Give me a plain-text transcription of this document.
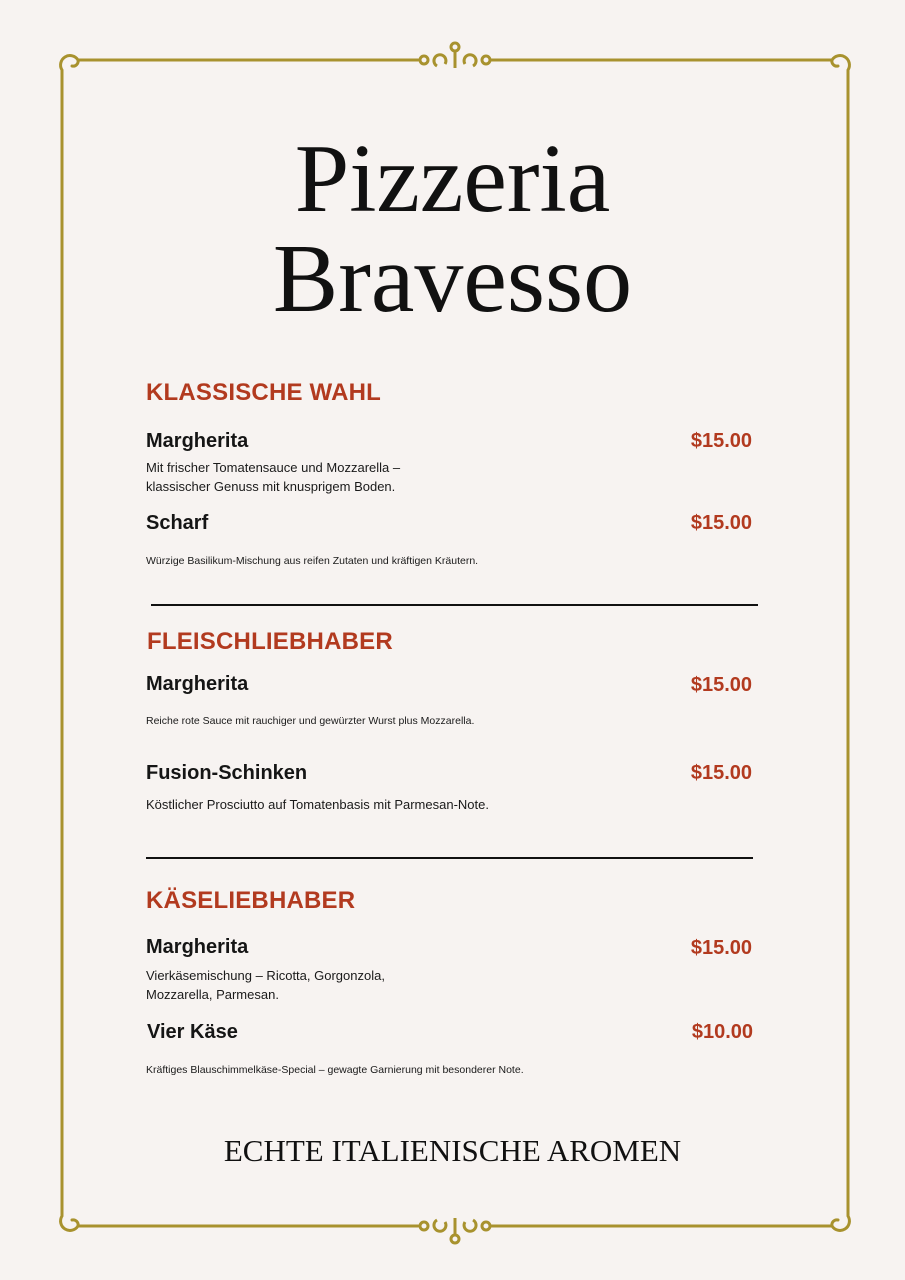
Pizzeria
Bravesso
KLASSISCHE WAHL
Margherita	$15.00
Mit frischer Tomatensauce und Mozzarella –
klassischer Genuss mit knusprigem Boden.
Scharf	$15.00
Würzige Basilikum-Mischung aus reifen Zutaten und kräftigen Kräutern.
FLEISCHLIEBHABER
Margherita	$15.00
Reiche rote Sauce mit rauchiger und gewürzter Wurst plus Mozzarella.
Fusion-Schinken	$15.00
Köstlicher Prosciutto auf Tomatenbasis mit Parmesan-Note.
KÄSELIEBHABER
Margherita	$15.00
Vierkäsemischung – Ricotta, Gorgonzola,
Mozzarella, Parmesan.
Vier Käse	$10.00
Kräftiges Blauschimmelkäse-Special – gewagte Garnierung mit besonderer Note.
ECHTE ITALIENISCHE AROMEN
